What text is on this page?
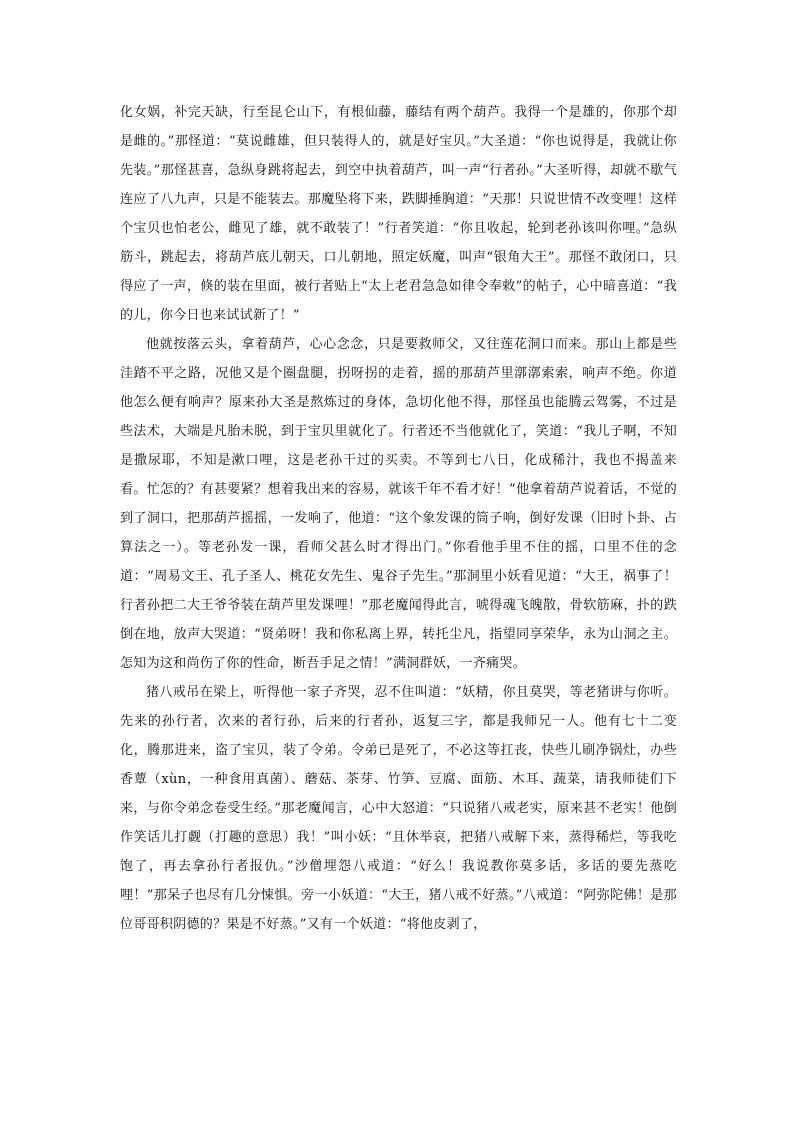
化女娲，补完天缺，行至昆仑山下，有根仙藤，藤结有两个葫芦。我得一个是雄的，你那个却是雌的。”那怪道：“莫说雌雄，但只装得人的，就是好宝贝。”大圣道：“你也说得是，我就让你先装。”那怪甚喜，急纵身跳将起去，到空中执着葫芦，叫一声“行者孙。”大圣听得，却就不歇气连应了八九声，只是不能装去。那魔坠将下来，跌脚捶胸道：“天那！只说世情不改变哩！这样个宝贝也怕老公，雌见了雄，就不敢装了！”行者笑道：“你且收起，轮到老孙该叫你哩。”急纵筋斗，跳起去，将葫芦底儿朝天，口儿朝地，照定妖魔，叫声“银角大王”。那怪不敢闭口，只得应了一声，倏的装在里面，被行者贴上“太上老君急急如律令奉敕”的帖子，心中暗喜道：“我的儿，你今日也来试试新了！”

他就按落云头，拿着葫芦，心心念念，只是要救师父，又往莲花洞口而来。那山上都是些洼踏不平之路，况他又是个圈盘腿，拐呀拐的走着，摇的那葫芦里漷漷索索，响声不绝。你道他怎么便有响声？原来孙大圣是熬炼过的身体，急切化他不得，那怪虽也能腾云驾雾，不过是些法术，大端是凡胎未脱，到于宝贝里就化了。行者还不当他就化了，笑道：“我儿子啊，不知是撒尿耶，不知是漱口哩，这是老孙干过的买卖。不等到七八日，化成稀汁，我也不揭盖来看。忙怎的？有甚要紧？想着我出来的容易，就该千年不看才好！”他拿着葫芦说着话，不觉的到了洞口，把那葫芦摇摇，一发响了，他道：“这个象发课的筒子响，倒好发课（旧时卜卦、占算法之一）。等老孙发一课，看师父甚么时才得出门。”你看他手里不住的摇，口里不住的念道：“周易文王、孔子圣人、桃花女先生、鬼谷子先生。”那洞里小妖看见道：“大王，祸事了！行者孙把二大王爷爷装在葫芦里发课哩！”那老魔闻得此言，唬得魂飞魄散，骨软筋麻，扑的跌倒在地，放声大哭道：“贤弟呀！我和你私离上界，转托尘凡，指望同享荣华，永为山洞之主。怎知为这和尚伤了你的性命，断吾手足之情！”满洞群妖，一齐痛哭。

猪八戒吊在梁上，听得他一家子齐哭，忍不住叫道：“妖精，你且莫哭，等老猪讲与你听。先来的孙行者，次来的者行孙，后来的行者孙，返复三字，都是我师兄一人。他有七十二变化，腾那进来，盗了宝贝，装了令弟。令弟已是死了，不必这等扛丧，快些儿刷净锅灶，办些香蕈（xùn，一种食用真菌）、蘑菇、茶芽、竹笋、豆腐、面筋、木耳、蔬菜，请我师徒们下来，与你令弟念卷受生经。”那老魔闻言，心中大怒道：“只说猪八戒老实，原来甚不老实！他倒作笑话儿打觑（打趣的意思）我！”叫小妖：“且休举哀，把猪八戒解下来，蒸得稀烂，等我吃饱了，再去拿孙行者报仇。”沙僧埋怨八戒道：“好么！我说教你莫多话，多话的要先蒸吃哩！”那呆子也尽有几分悚惧。旁一小妖道：“大王，猪八戒不好蒸。”八戒道：“阿弥陀佛！是那位哥哥积阴德的？果是不好蒸。”又有一个妖道：“将他皮剥了，
